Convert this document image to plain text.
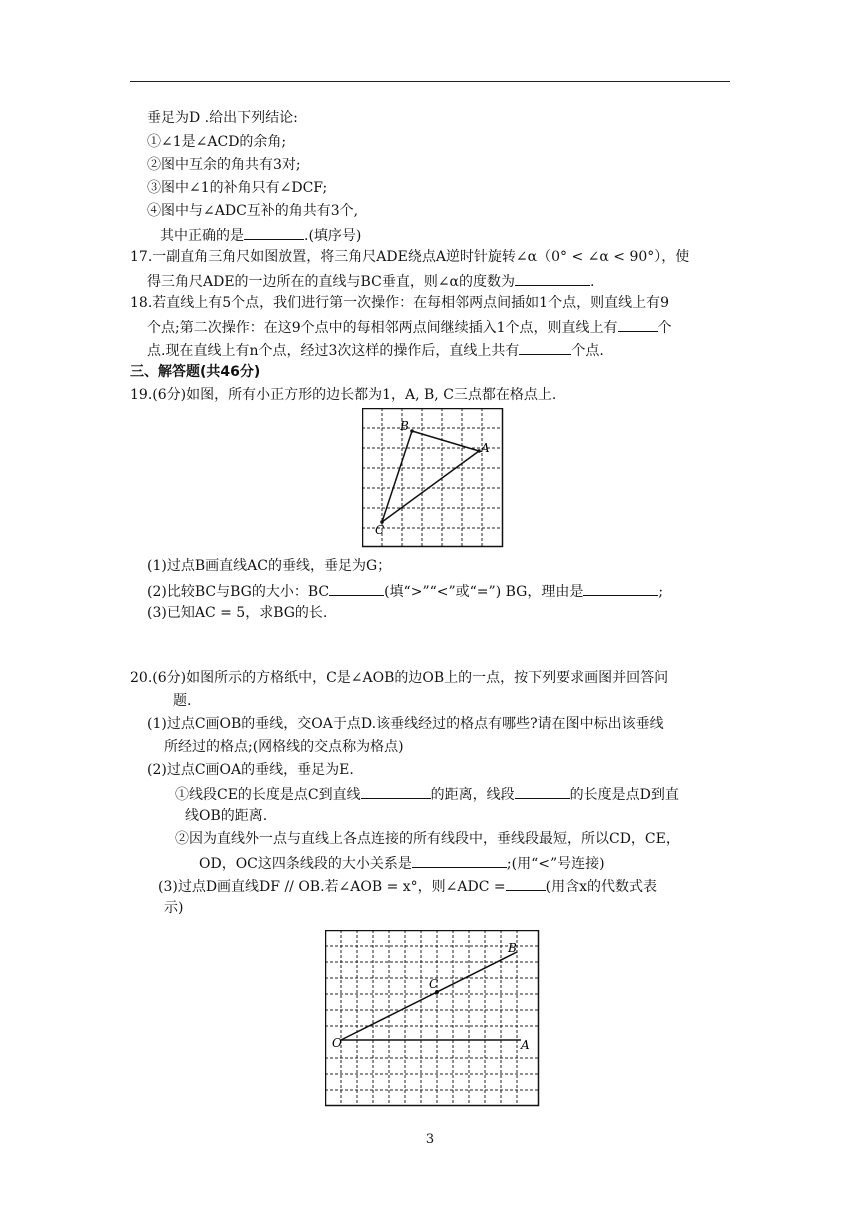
垂足为D .给出下列结论:
①∠1是∠ACD的余角;
②图中互余的角共有3对;
③图中∠1的补角只有∠DCF;
④图中与∠ADC互补的角共有3个,
其中正确的是	.(填序号)
17.一副直角三角尺如图放置，将三角尺ADE绕点A逆时针旋转∠α（0° < ∠α < 90°），使
得三角尺ADE的一边所在的直线与BC垂直，则∠α的度数为	.
18.若直线上有5个点，我们进行第一次操作：在每相邻两点间插如1个点，则直线上有9
个点;第二次操作：在这9个点中的每相邻两点间继续插入1个点，则直线上有	个
点.现在直线上有n个点，经过3次这样的操作后，直线上共有	个点.
三、解答题(共46分)
19.(6分)如图，所有小正方形的边长都为1，A, B, C三点都在格点上.
B
A
C
(1)过点B画直线AC的垂线，垂足为G；
(2)比较BC与BG的大小：BC	(填“>”“<”或“=”) BG，理由是	;
(3)已知AC = 5，求BG的长.
20.(6分)如图所示的方格纸中，C是∠AOB的边OB上的一点，按下列要求画图并回答问
题.
(1)过点C画OB的垂线，交OA于点D.该垂线经过的格点有哪些?请在图中标出该垂线
所经过的格点;(网格线的交点称为格点)
(2)过点C画OA的垂线，垂足为E.
①线段CE的长度是点C到直线	的距离，线段	的长度是点D到直
线OB的距离.
②因为直线外一点与直线上各点连接的所有线段中，垂线段最短，所以CD，CE，
OD，OC这四条线段的大小关系是	;(用“<”号连接)
(3)过点D画直线DF // OB.若∠AOB = x°，则∠ADC =	(用含x的代数式表
示)
O	A
B
C
3
